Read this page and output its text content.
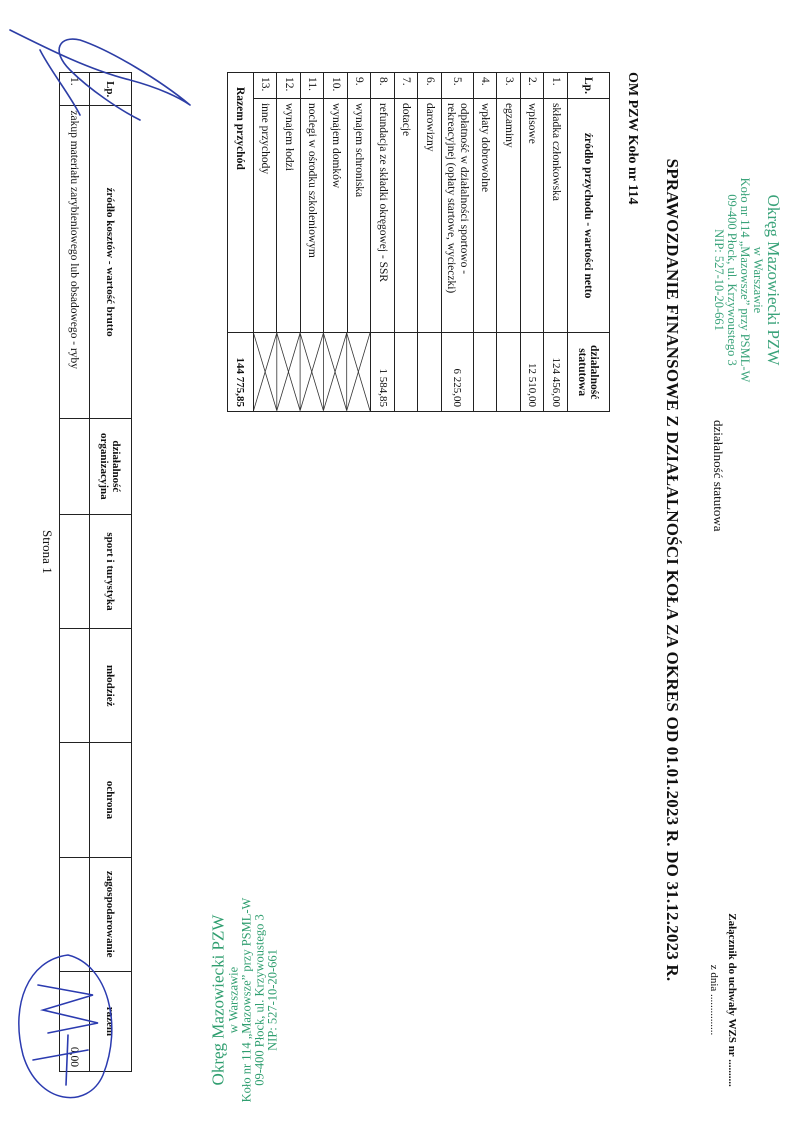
Okręg Mazowiecki PZW
w Warszawie
Koło nr 114 „Mazowsze” przy PSML-W
09-400 Płock, ul. Krzywoustego 3
NIP: 527-10-20-661
działalność statutowa
Załącznik do uchwały WZS nr ..........
z dnia ...............
SPRAWOZDANIE FINANSOWE Z DZIAŁALNOŚCI KOŁA ZA OKRES OD 01.01.2023 R. DO 31.12.2023 R.
OM PZW Koło nr 114
Lp.	źródło przychodu - wartości netto	działalność statutowa
1.	składka członkowska	124 456,00
2.	wpisowe	12 510,00
3.	egzaminy	
4.	wpłaty dobrowolne	
5.	odpłatność w działalności sportowo - rekreacyjnej (opłaty startowe, wycieczki)	6 225,00
6.	darowizny	
7.	dotacje	
8.	refundacja ze składki okręgowej - SSR	1 584,85
9.	wynajem schroniska	

10.	wynajem domków	
11.	noclegi w ośrodku szkoleniowym	
12.	wynajem łodzi	
13.	inne przychody	
Razem przychód		144 775,85
Lp.	źródło kosztów - wartość brutto	działalność organizacyjna	sport i turystyka	młodzież	ochrona	zagospodarowanie	razem
1.	zakup materiału zarybieniowego lub obsadowego - ryby						0,00
Strona 1
Okręg Mazowiecki PZW
w Warszawie Koło nr 114 „Mazowsze” przy PSML-W 09-400 Płock, ul. Krzywoustego 3 NIP: 527-10-20-661
